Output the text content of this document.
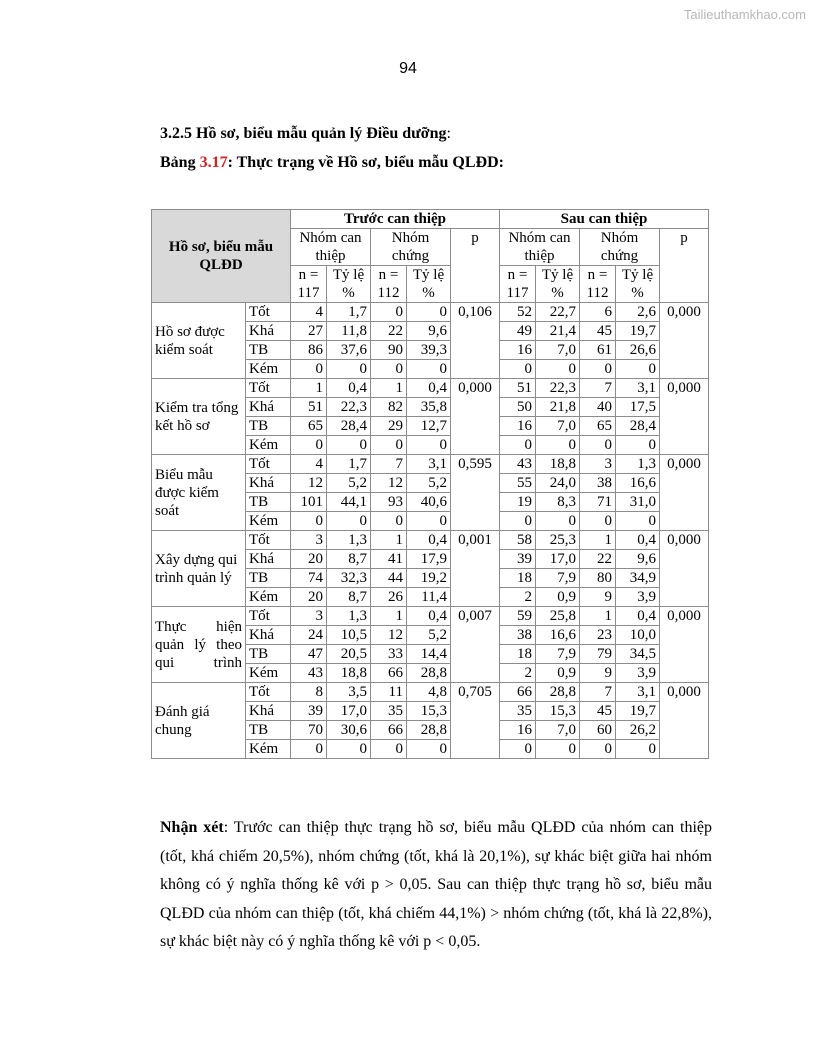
Tailieuthamkhao.com
94
3.2.5 Hồ sơ, biểu mẫu quản lý Điều dưỡng:
Bảng 3.17: Thực trạng về Hồ sơ, biểu mẫu QLĐD:
Hồ sơ, biểu mẫu QLĐD		Trước can thiệp					Sau can thiệp				
		Nhóm can thiệp		Nhóm chứng		p	Nhóm can thiệp		Nhóm chứng		p
		n = 117	Tỷ lệ %	n = 112	Tỷ lệ %		n = 117	Tỷ lệ %	n = 112	Tỷ lệ %	
Hồ sơ được kiểm soát	Tốt	4	1,7	0	0	0,106	52	22,7	6	2,6	0,000
	Khá	27	11,8	22	9,6		49	21,4	45	19,7	
	TB	86	37,6	90	39,3		16	7,0	61	26,6	
	Kém	0	0	0	0		0	0	0	0	
Kiểm tra tổng kết hồ sơ	Tốt	1	0,4	1	0,4	0,000	51	22,3	7	3,1	0,000
	Khá	51	22,3	82	35,8		50	21,8	40	17,5	
	TB	65	28,4	29	12,7		16	7,0	65	28,4	
	Kém	0	0	0	0		0	0	0	0	
Biểu mẫu được kiểm soát	Tốt	4	1,7	7	3,1	0,595	43	18,8	3	1,3	0,000
	Khá	12	5,2	12	5,2		55	24,0	38	16,6	
	TB	101	44,1	93	40,6		19	8,3	71	31,0	
	Kém	0	0	0	0		0	0	0	0	
Xây dựng qui trình quản lý	Tốt	3	1,3	1	0,4	0,001	58	25,3	1	0,4	0,000
	Khá	20	8,7	41	17,9		39	17,0	22	9,6	
	TB	74	32,3	44	19,2		18	7,9	80	34,9	
	Kém	20	8,7	26	11,4		2	0,9	9	3,9	
Thực hiện quản lý theo qui trình	Tốt	3	1,3	1	0,4	0,007	59	25,8	1	0,4	0,000
	Khá	24	10,5	12	5,2		38	16,6	23	10,0	
	TB	47	20,5	33	14,4		18	7,9	79	34,5	
	Kém	43	18,8	66	28,8		2	0,9	9	3,9	
Đánh giá chung	Tốt	8	3,5	11	4,8	0,705	66	28,8	7	3,1	0,000
	Khá	39	17,0	35	15,3		35	15,3	45	19,7	
	TB	70	30,6	66	28,8		16	7,0	60	26,2	
	Kém	0	0	0	0		0	0	0	0	
Nhận xét: Trước can thiệp thực trạng hồ sơ, biểu mẫu QLĐD của nhóm can thiệp (tốt, khá chiếm 20,5%), nhóm chứng (tốt, khá là 20,1%), sự khác biệt giữa hai nhóm không có ý nghĩa thống kê với p > 0,05. Sau can thiệp thực trạng hồ sơ, biểu mẫu QLĐD của nhóm can thiệp (tốt, khá chiếm 44,1%) > nhóm chứng (tốt, khá là 22,8%), sự khác biệt này có ý nghĩa thống kê với p < 0,05.
